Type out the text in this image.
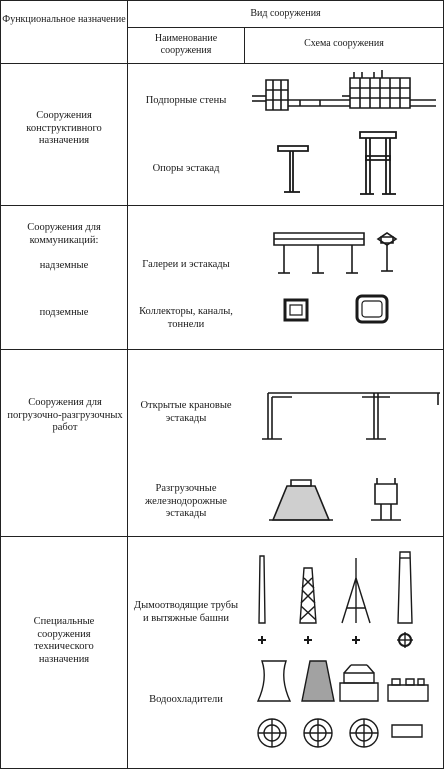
Функциональное назначение
Вид сооружения
Наименование сооружения
Схема сооружения
Сооружения конструктивного назначения
Подпорные стены
Опоры эстакад
Сооружения для коммуникаций:
надземные
подземные
Галереи и эстакады
Коллекторы, каналы, тоннели
Сооружения для погрузочно-разгрузочных работ
Открытые крановые эстакады
Разгрузочные железнодорожные эстакады
Специальные сооружения технического назначения
Дымоотводящие трубы и вытяжные башни
Водоохладители
